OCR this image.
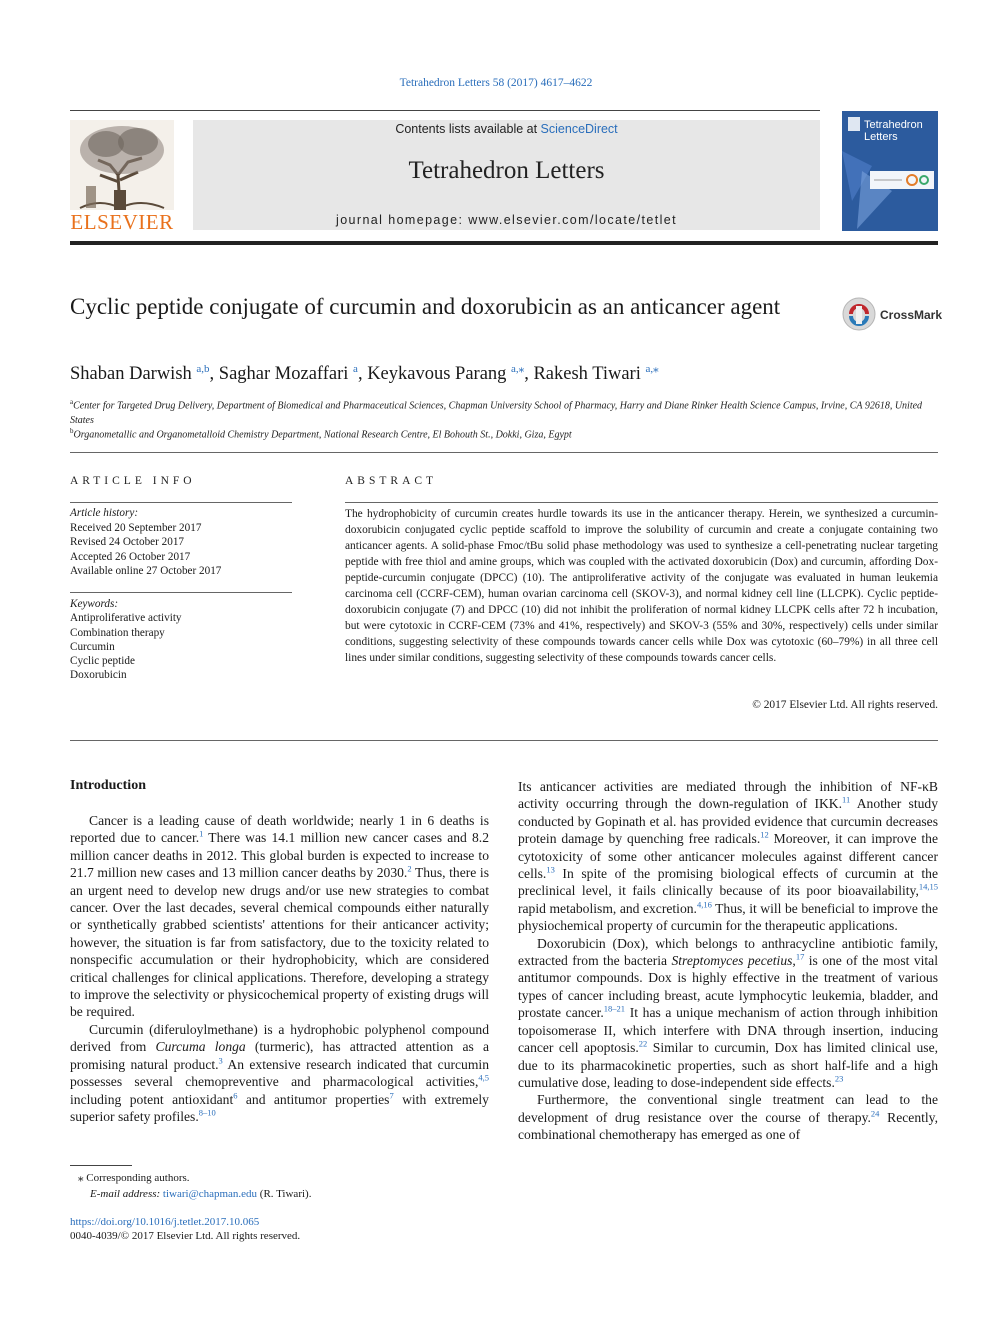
Tetrahedron Letters 58 (2017) 4617–4622
ELSEVIER
Contents lists available at ScienceDirect
Tetrahedron Letters
journal homepage: www.elsevier.com/locate/tetlet
Tetrahedron
Letters
Cyclic peptide conjugate of curcumin and doxorubicin as an anticancer agent	CrossMark
Shaban Darwish $^{a,b}$, Saghar Mozaffari $^a$, Keykavous Parang $^{a,⁎}$, Rakesh Tiwari $^{a,⁎}$
$^a$Center for Targeted Drug Delivery, Department of Biomedical and Pharmaceutical Sciences, Chapman University School of Pharmacy, Harry and Diane Rinker Health Science Campus, Irvine, CA 92618, United States
$^b$Organometallic and Organometalloid Chemistry Department, National Research Centre, El Bohouth St., Dokki, Giza, Egypt
ARTICLE INFO
Article history:
Received 20 September 2017
Revised 24 October 2017
Accepted 26 October 2017
Available online 27 October 2017
Keywords:
Antiproliferative activity
Combination therapy
Curcumin
Cyclic peptide
Doxorubicin
ABSTRACT
The hydrophobicity of curcumin creates hurdle towards its use in the anticancer therapy. Herein, we synthesized a curcumin-doxorubicin conjugated cyclic peptide scaffold to improve the solubility of curcumin and create a conjugate containing two anticancer agents. A solid-phase Fmoc/tBu solid phase methodology was used to synthesize a cell-penetrating nuclear targeting peptide with free thiol and amine groups, which was coupled with the activated doxorubicin (Dox) and curcumin, affording Dox-peptide-curcumin conjugate (DPCC) (10). The antiproliferative activity of the conjugate was evaluated in human leukemia carcinoma cell (CCRF-CEM), human ovarian carcinoma cell (SKOV-3), and normal kidney cell line (LLCPK). Cyclic peptide-doxorubicin conjugate (7) and DPCC (10) did not inhibit the proliferation of normal kidney LLCPK cells after 72 h incubation, but were cytotoxic in CCRF-CEM (73% and 41%, respectively) and SKOV-3 (55% and 30%, respectively) cells under similar conditions, suggesting selectivity of these compounds towards cancer cells while Dox was cytotoxic (60–79%) in all three cell lines under similar conditions, suggesting selectivity of these compounds towards cancer cells.
© 2017 Elsevier Ltd. All rights reserved.
Introduction

Cancer is a leading cause of death worldwide; nearly 1 in 6 deaths is reported due to cancer.$^1$ There was 14.1 million new cancer cases and 8.2 million cancer deaths in 2012. This global burden is expected to increase to 21.7 million new cases and 13 million cancer deaths by 2030.$^2$ Thus, there is an urgent need to develop new drugs and/or use new strategies to combat cancer. Over the last decades, several chemical compounds either naturally or synthetically grabbed scientists' attentions for their anticancer activity; however, the situation is far from satisfactory, due to the toxicity related to nonspecific accumulation or their hydrophobicity, which are considered critical challenges for clinical applications. Therefore, developing a strategy to improve the selectivity or physicochemical property of existing drugs will be required.

Curcumin (diferuloylmethane) is a hydrophobic polyphenol compound derived from Curcuma longa (turmeric), has attracted attention as a promising natural product.$^3$ An extensive research indicated that curcumin possesses several chemopreventive and pharmacological activities,$^{4,5}$ including potent antioxidant$^6$ and antitumor properties$^7$ with extremely superior safety profiles.$^{8-10}$

Its anticancer activities are mediated through the inhibition of NF-κB activity occurring through the down-regulation of IKK.$^{11}$ Another study conducted by Gopinath et al. has provided evidence that curcumin decreases protein damage by quenching free radicals.$^{12}$ Moreover, it can improve the cytotoxicity of some other anticancer molecules against different cancer cells.$^{13}$ In spite of the promising biological effects of curcumin at the preclinical level, it fails clinically because of its poor bioavailability,$^{14,15}$ rapid metabolism, and excretion.$^{4,16}$ Thus, it will be beneficial to improve the physiochemical property of curcumin for the therapeutic applications.

Doxorubicin (Dox), which belongs to anthracycline antibiotic family, extracted from the bacteria Streptomyces pecetius,$^{17}$ is one of the most vital antitumor compounds. Dox is highly effective in the treatment of various types of cancer including breast, acute lymphocytic leukemia, bladder, and prostate cancer.$^{18-21}$ It has a unique mechanism of action through inhibition topoisomerase II, which interfere with DNA through insertion, inducing cancer cell apoptosis.$^{22}$ Similar to curcumin, Dox has limited clinical use, due to its pharmacokinetic properties, such as short half-life and a high cumulative dose, leading to dose-independent side effects.$^{23}$

Furthermore, the conventional single treatment can lead to the development of drug resistance over the course of therapy.$^{24}$ Recently, combinational chemotherapy has emerged as one of

⁎ Corresponding authors.
E-mail address: tiwari@chapman.edu (R. Tiwari).
https://doi.org/10.1016/j.tetlet.2017.10.065
0040-4039/© 2017 Elsevier Ltd. All rights reserved.
